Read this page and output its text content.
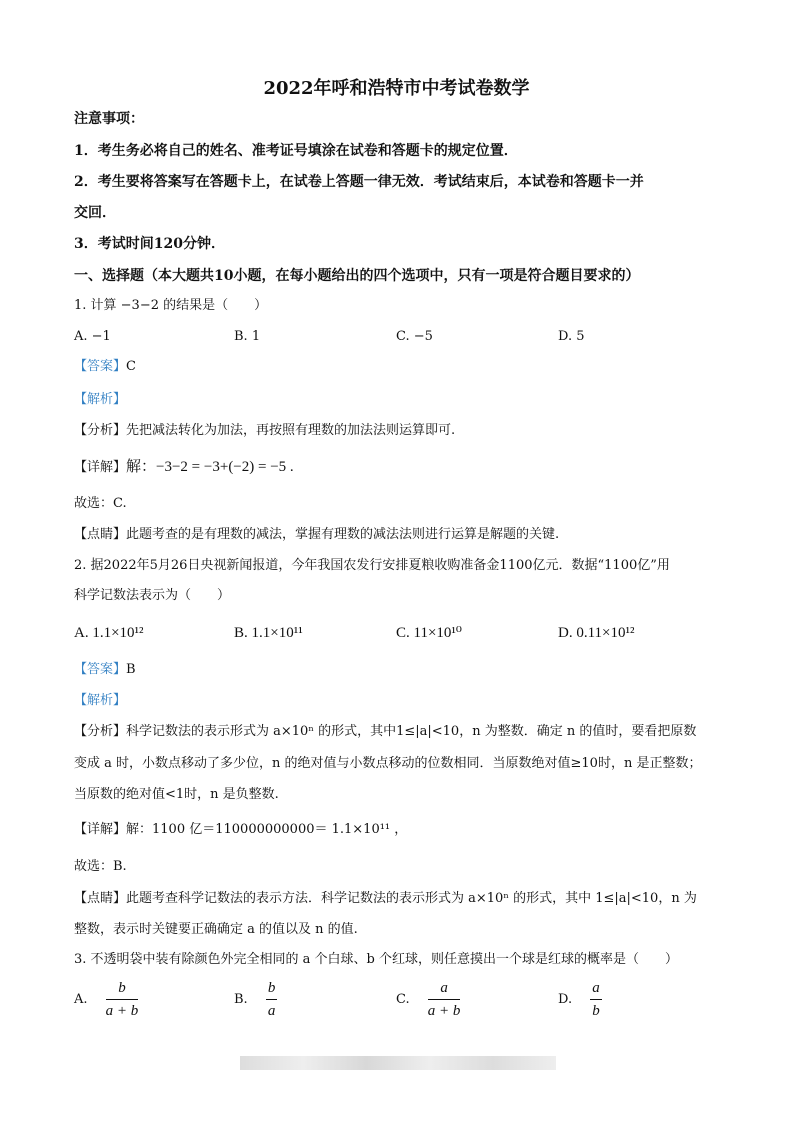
2022年呼和浩特市中考试卷数学
注意事项：
1．考生务必将自己的姓名、准考证号填涂在试卷和答题卡的规定位置．
2．考生要将答案写在答题卡上，在试卷上答题一律无效．考试结束后，本试卷和答题卡一并
交回．
3．考试时间120分钟．
一、选择题（本大题共10小题，在每小题给出的四个选项中，只有一项是符合题目要求的）
1. 计算 −3−2 的结果是（　　）
A. −1	B. 1	C. −5	D. 5
【答案】C
【解析】
【分析】先把减法转化为加法，再按照有理数的加法法则运算即可.
【详解】解：−3−2 = −3+(−2) = −5 .
故选：C.
【点睛】此题考查的是有理数的减法，掌握有理数的减法法则进行运算是解题的关键.
2. 据2022年5月26日央视新闻报道，今年我国农发行安排夏粮收购准备金1100亿元．数据“1100亿”用
科学记数法表示为（　　）
A. 1.1×10¹²	B. 1.1×10¹¹	C. 11×10¹⁰	D. 0.11×10¹²
【答案】B
【解析】
【分析】科学记数法的表示形式为 a×10ⁿ 的形式，其中1≤|a|<10，n 为整数．确定 n 的值时，要看把原数
变成 a 时，小数点移动了多少位，n 的绝对值与小数点移动的位数相同．当原数绝对值≥10时，n 是正整数；
当原数的绝对值<1时，n 是负整数.
【详解】解：1100 亿＝110000000000＝ 1.1×10¹¹ ，
故选：B.
【点睛】此题考查科学记数法的表示方法．科学记数法的表示形式为 a×10ⁿ 的形式，其中 1≤|a|<10，n 为
整数，表示时关键要正确确定 a 的值以及 n 的值.
3. 不透明袋中装有除颜色外完全相同的 a 个白球、b 个红球，则任意摸出一个球是红球的概率是（　　）
A. $\frac{b}{a + b}$	B. $\frac{b}{a}$	C. $\frac{a}{a + b}$	D. $\frac{a}{b}$
